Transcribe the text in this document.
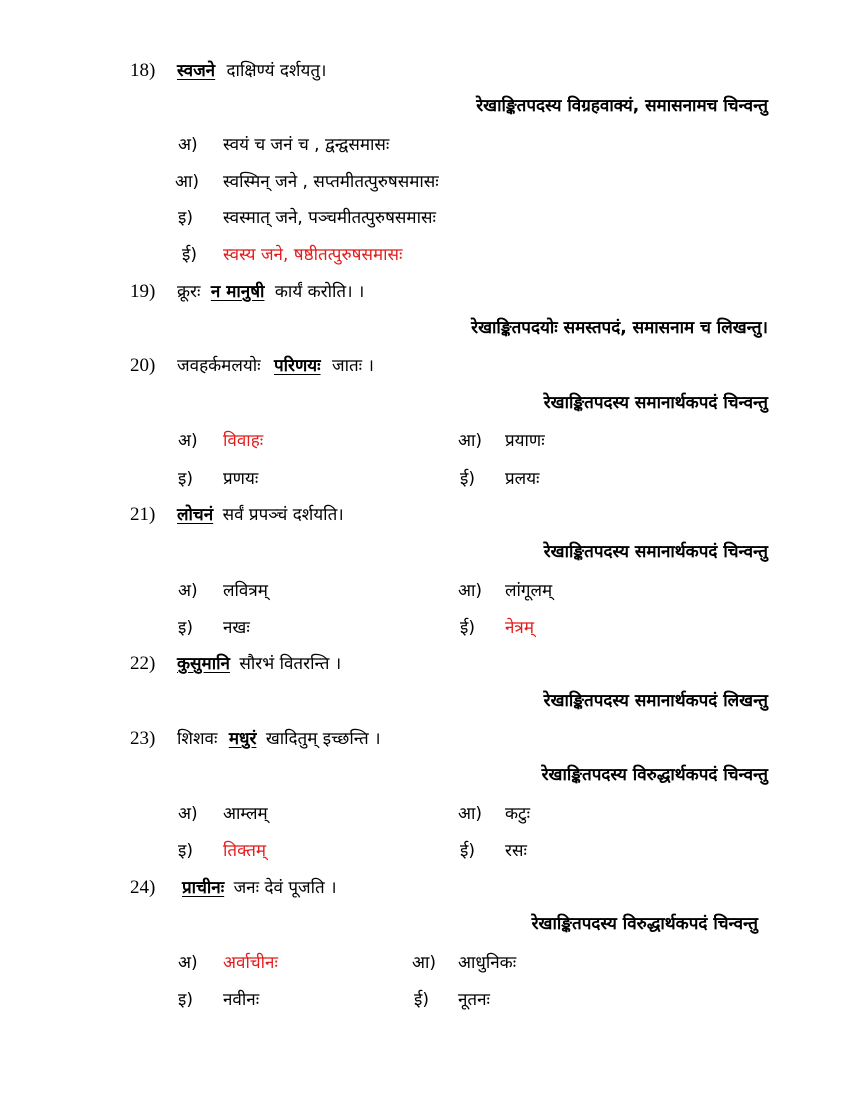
18) स्वजने दाक्षिण्यं दर्शयतु।
रेखाङ्कितपदस्य विग्रहवाक्यं, समासनामच चिन्वन्तु
अ) स्वयं च जनं च , द्वन्द्वसमासः
आ) स्वस्मिन् जने , सप्तमीतत्पुरुषसमासः
इ) स्वस्मात् जने, पञ्चमीतत्पुरुषसमासः
ई) स्वस्य जने, षष्ठीतत्पुरुषसमासः
19) क्रूरः न मानुषी कार्यं करोति। ।
रेखाङ्कितपदयोः समस्तपदं, समासनाम च लिखन्तु।
20) जवहर्कमलयोः परिणयः जातः ।
रेखाङ्कितपदस्य समानार्थकपदं चिन्वन्तु
अ) विवाहः	आ) प्रयाणः
इ) प्रणयः	ई) प्रलयः
21) लोचनं सर्वं प्रपञ्चं दर्शयति।
रेखाङ्कितपदस्य समानार्थकपदं चिन्वन्तु
अ) लवित्रम्	आ) लांगूलम्
इ) नखः	ई) नेत्रम्
22) कुसुमानि सौरभं वितरन्ति ।
रेखाङ्कितपदस्य समानार्थकपदं लिखन्तु
23) शिशवः मधुरं खादितुम् इच्छन्ति ।
रेखाङ्कितपदस्य विरुद्धार्थकपदं चिन्वन्तु
अ) आम्लम्	आ) कटुः
इ) तिक्तम्	ई) रसः
24) प्राचीनः जनः देवं पूजति ।
रेखाङ्कितपदस्य विरुद्धार्थकपदं चिन्वन्तु
अ) अर्वाचीनः	आ) आधुनिकः
इ) नवीनः	ई) नूतनः
